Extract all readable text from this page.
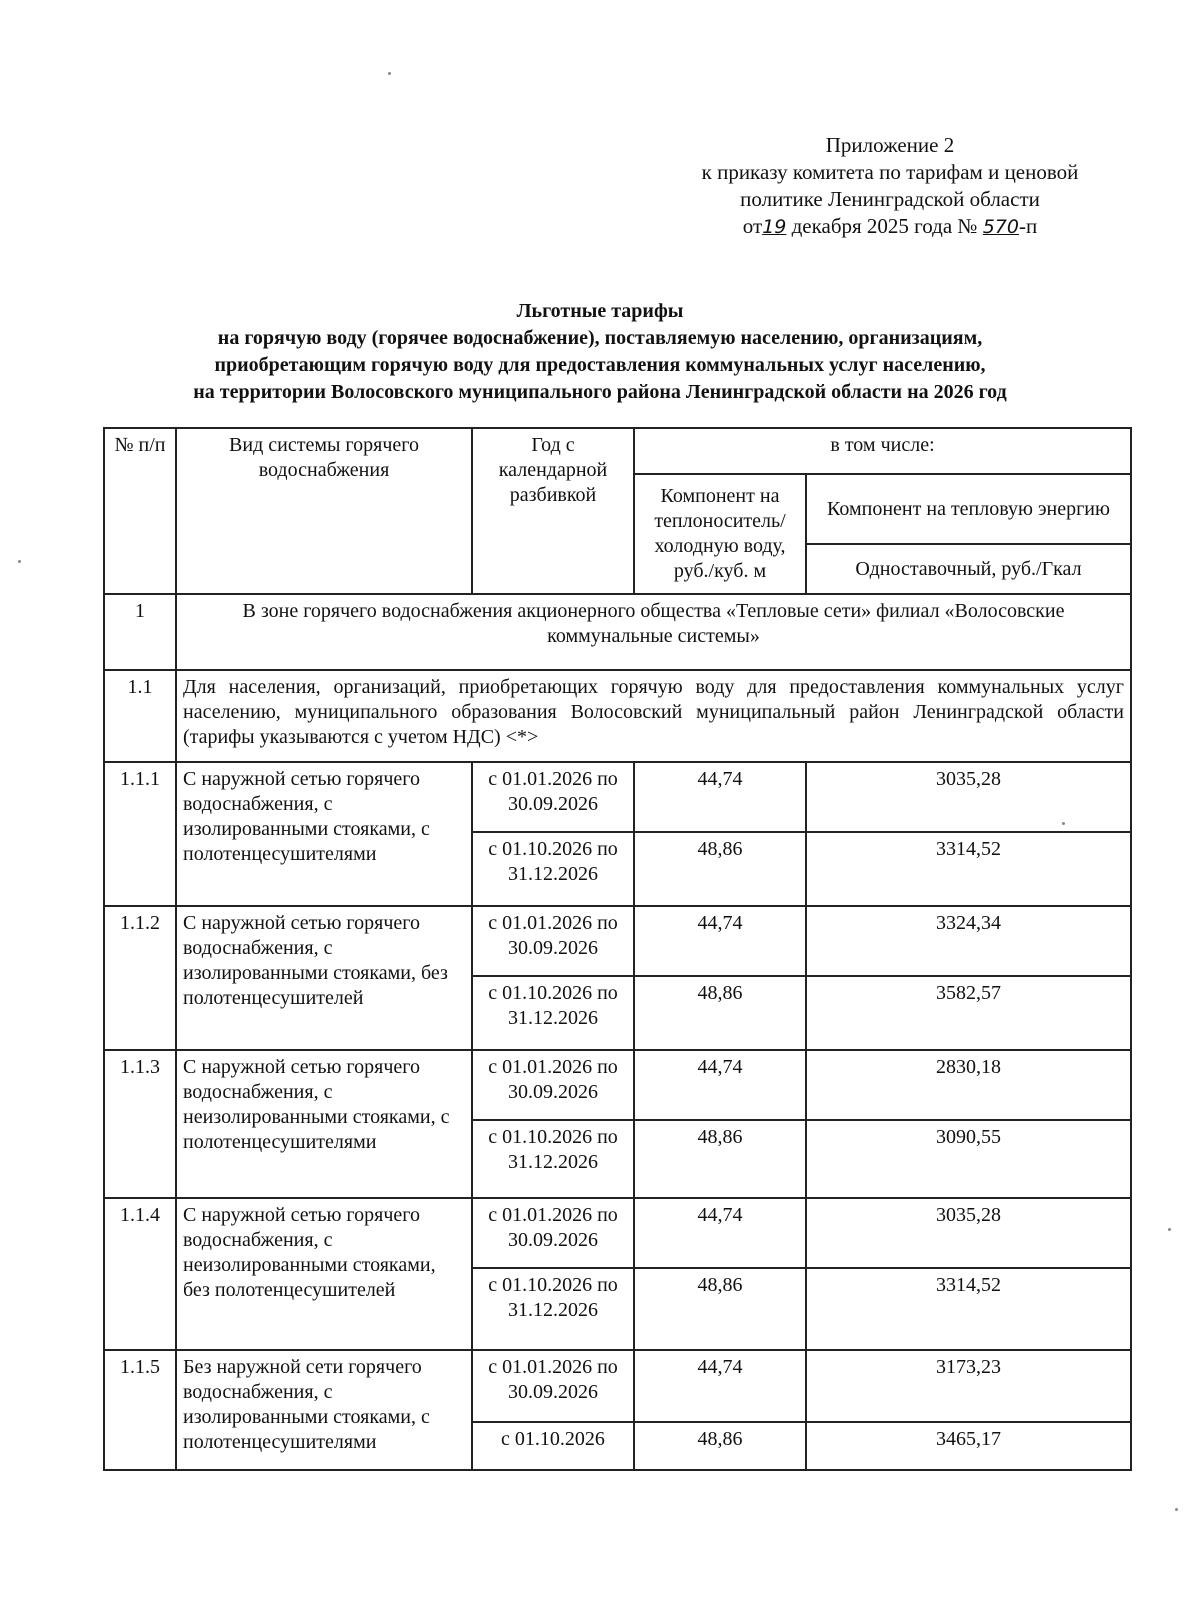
Приложение 2
к приказу комитета по тарифам и ценовой
политике Ленинградской области
от19 декабря 2025 года № 570-п
Льготные тарифы
на горячую воду (горячее водоснабжение), поставляемую населению, организациям,
приобретающим горячую воду для предоставления коммунальных услуг населению,
на территории Волосовского муниципального района Ленинградской области на 2026 год
№ п/п	Вид системы горячего водоснабжения	Год с календарной разбивкой	в том числе:	
			Компонент на теплоноситель/ холодную воду, руб./куб. м	Компонент на тепловую энергию
				Одноставочный, руб./Гкал
1	В зоне горячего водоснабжения акционерного общества «Тепловые сети» филиал «Волосовские коммунальные системы»			
1.1	Для населения, организаций, приобретающих горячую воду для предоставления коммунальных услуг населению, муниципального образования Волосовский муниципальный район Ленинградской области (тарифы указываются с учетом НДС) <*>			
1.1.1	С наружной сетью горячего водоснабжения, с изолированными стояками, с полотенцесушителями	с 01.01.2026 по 30.09.2026	44,74	3035,28
		с 01.10.2026 по 31.12.2026	48,86	3314,52
1.1.2	С наружной сетью горячего водоснабжения, с изолированными стояками, без полотенцесушителей	с 01.01.2026 по 30.09.2026	44,74	3324,34
		с 01.10.2026 по 31.12.2026	48,86	3582,57
1.1.3	С наружной сетью горячего водоснабжения, с неизолированными стояками, с полотенцесушителями	с 01.01.2026 по 30.09.2026	44,74	2830,18
		с 01.10.2026 по 31.12.2026	48,86	3090,55
1.1.4	С наружной сетью горячего водоснабжения, с неизолированными стояками, без полотенцесушителей	с 01.01.2026 по 30.09.2026	44,74	3035,28
		с 01.10.2026 по 31.12.2026	48,86	3314,52
1.1.5	Без наружной сети горячего водоснабжения, с изолированными стояками, с полотенцесушителями	с 01.01.2026 по 30.09.2026	44,74	3173,23
		с 01.10.2026	48,86	3465,17
